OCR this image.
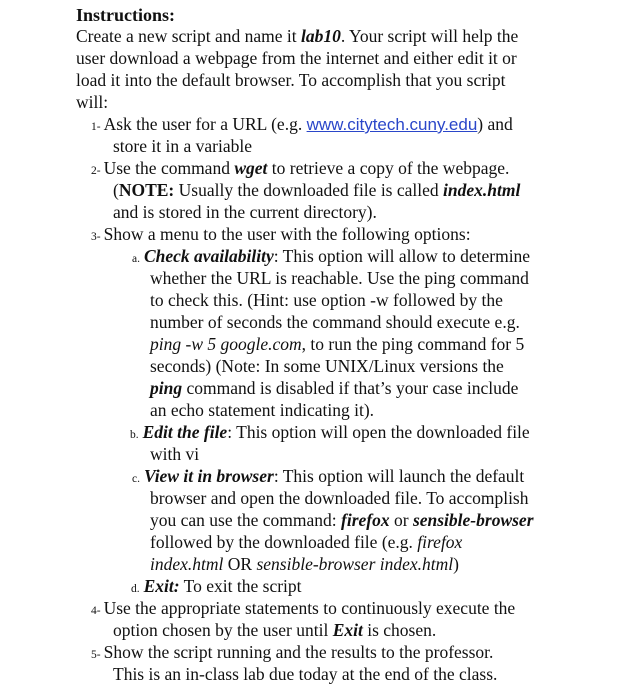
Instructions:
Create a new script and name it lab10. Your script will help the
user download a webpage from the internet and either edit it or
load it into the default browser. To accomplish that you script
will:
1- Ask the user for a URL (e.g. www.citytech.cuny.edu) and
store it in a variable
2- Use the command wget to retrieve a copy of the webpage.
(NOTE: Usually the downloaded file is called index.html
and is stored in the current directory).
3- Show a menu to the user with the following options:
a. Check availability: This option will allow to determine
whether the URL is reachable. Use the ping command
to check this. (Hint: use option -w followed by the
number of seconds the command should execute e.g.
ping -w 5 google.com, to run the ping command for 5
seconds) (Note: In some UNIX/Linux versions the
ping command is disabled if that’s your case include
an echo statement indicating it).
b. Edit the file: This option will open the downloaded file
with vi
c. View it in browser: This option will launch the default
browser and open the downloaded file. To accomplish
you can use the command: firefox or sensible-browser
followed by the downloaded file (e.g. firefox
index.html OR sensible-browser index.html)
d. Exit: To exit the script
4- Use the appropriate statements to continuously execute the
option chosen by the user until Exit is chosen.
5- Show the script running and the results to the professor.
This is an in-class lab due today at the end of the class.
